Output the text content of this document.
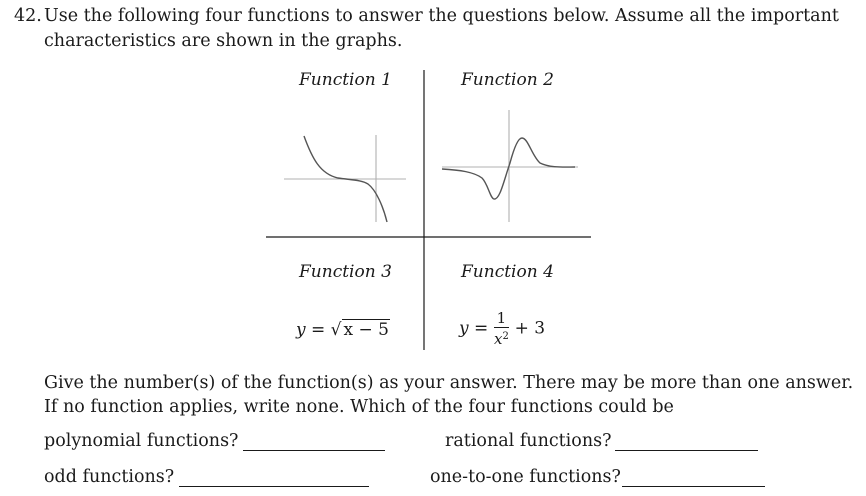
42. Use the following four functions to answer the questions below. Assume all the important
characteristics are shown in the graphs.
Function 1	Function 2
Function 3	Function 4
y = √ x − 5	$y = \frac{1}{x^2} + 3$
Give the number(s) of the function(s) as your answer. There may be more than one answer.
If no function applies, write none. Which of the four functions could be
polynomial functions?	rational functions?
odd functions?	one-to-one functions?
